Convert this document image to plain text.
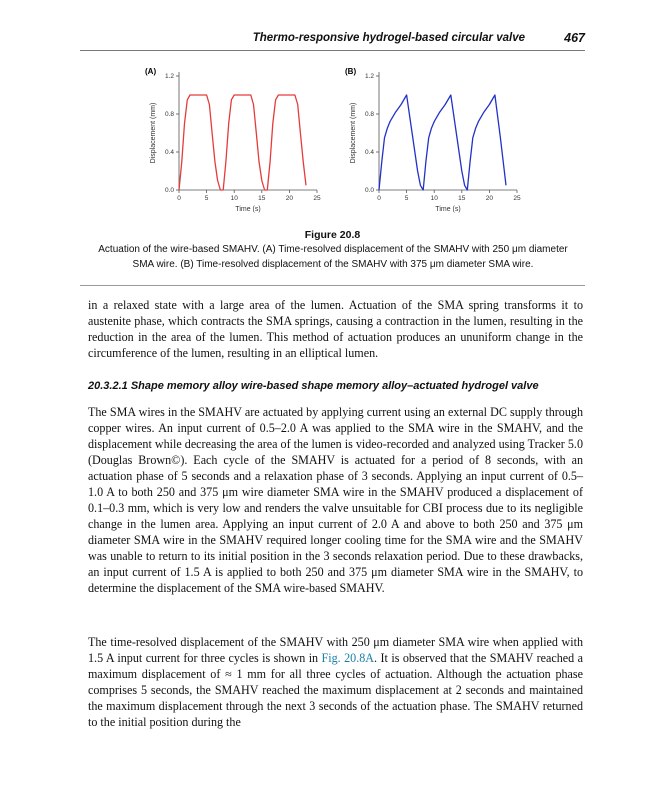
Thermo-responsive hydrogel-based circular valve	467
(A)
0	5	10	15	20	25
0.0
0.4
0.8
1.2
Time (s)
Displacement (mm)
(B)
0	5	10	15	20	25
0.0
0.4
0.8
1.2
Time (s)
Displacement (mm)
Figure 20.8
Actuation of the wire-based SMAHV. (A) Time-resolved displacement of the SMAHV with 250 μm diameter SMA wire. (B) Time-resolved displacement of the SMAHV with 375 μm diameter SMA wire.
in a relaxed state with a large area of the lumen. Actuation of the SMA spring transforms it to austenite phase, which contracts the SMA springs, causing a contraction in the lumen, resulting in the reduction in the area of the lumen. This method of actuation produces an ununiform change in the circumference of the lumen, resulting in an elliptical lumen.
20.3.2.1 Shape memory alloy wire-based shape memory alloy–actuated hydrogel valve
The SMA wires in the SMAHV are actuated by applying current using an external DC supply through copper wires. An input current of 0.5–2.0 A was applied to the SMA wire in the SMAHV, and the displacement while decreasing the area of the lumen is video-recorded and analyzed using Tracker 5.0 (Douglas Brown©). Each cycle of the SMAHV is actuated for a period of 8 seconds, with an actuation phase of 5 seconds and a relaxation phase of 3 seconds. Applying an input current of 0.5–1.0 A to both 250 and 375 μm wire diameter SMA wire in the SMAHV produced a displacement of 0.1–0.3 mm, which is very low and renders the valve unsuitable for CBI process due to its negligible change in the lumen area. Applying an input current of 2.0 A and above to both 250 and 375 μm diameter SMA wire in the SMAHV required longer cooling time for the SMA wire and the SMAHV was unable to return to its initial position in the 3 seconds relaxation period. Due to these drawbacks, an input current of 1.5 A is applied to both 250 and 375 μm diameter SMA wire in the SMAHV, to determine the displacement of the SMA wire-based SMAHV.
The time-resolved displacement of the SMAHV with 250 μm diameter SMA wire when applied with 1.5 A input current for three cycles is shown in Fig. 20.8A. It is observed that the SMAHV reached a maximum displacement of ≈ 1 mm for all three cycles of actuation. Although the actuation phase comprises 5 seconds, the SMAHV reached the maximum displacement at 2 seconds and maintained the maximum displacement through the next 3 seconds of the actuation phase. The SMAHV returned to the initial position during the
